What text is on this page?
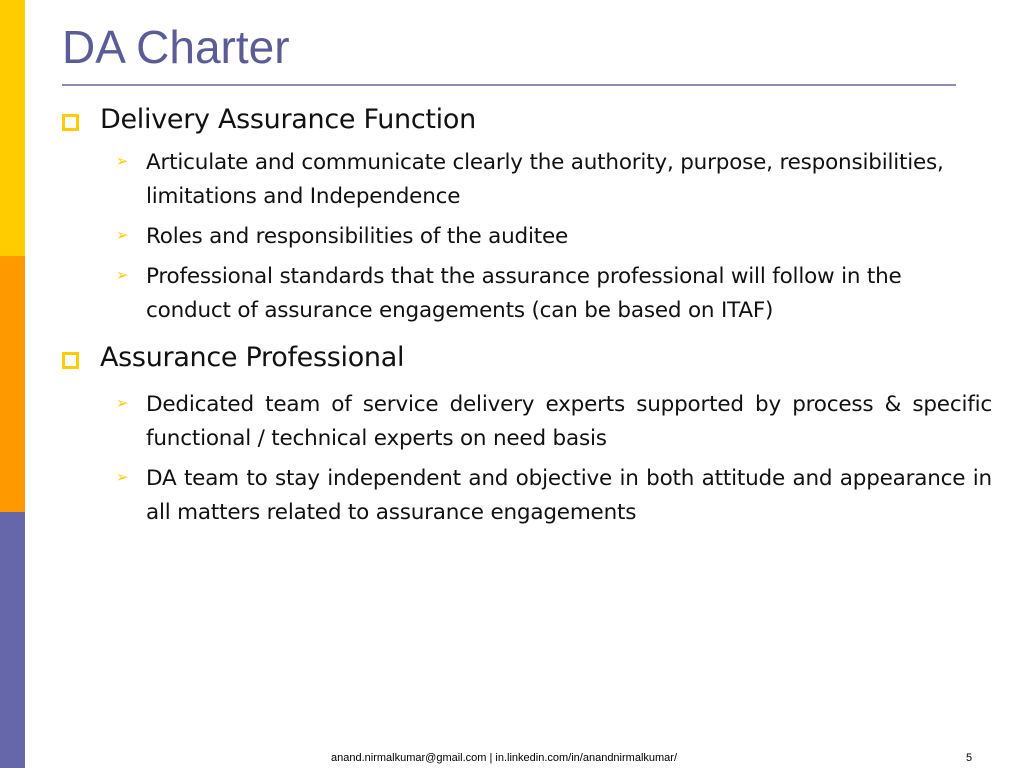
DA Charter
Delivery Assurance Function
➢ Articulate and communicate clearly the authority, purpose, responsibilities, limitations and Independence
➢ Roles and responsibilities of the auditee
➢ Professional standards that the assurance professional will follow in the conduct of assurance engagements (can be based on ITAF)
Assurance Professional
➢ Dedicated team of service delivery experts supported by process & specific functional / technical experts on need basis
➢ DA team to stay independent and objective in both attitude and appearance in all matters related to assurance engagements
anand.nirmalkumar@gmail.com | in.linkedin.com/in/anandnirmalkumar/	5
